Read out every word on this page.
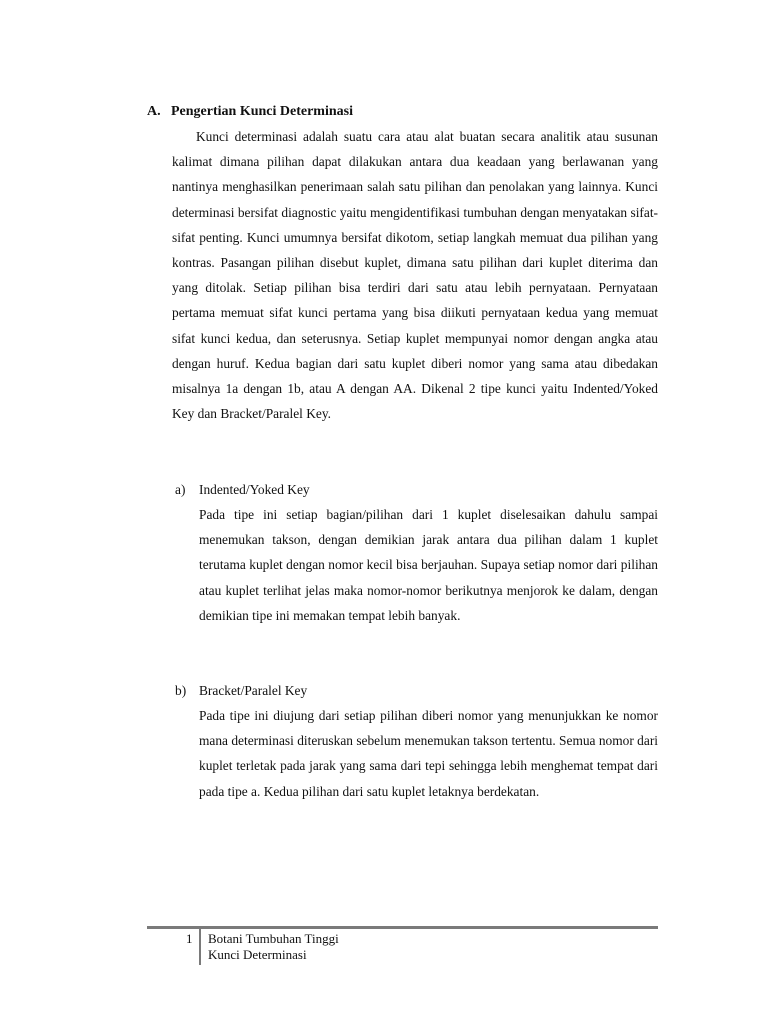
A. Pengertian Kunci Determinasi

Kunci determinasi adalah suatu cara atau alat buatan secara analitik atau susunan kalimat dimana pilihan dapat dilakukan antara dua keadaan yang berlawanan yang nantinya menghasilkan penerimaan salah satu pilihan dan penolakan yang lainnya. Kunci determinasi bersifat diagnostic yaitu mengidentifikasi tumbuhan dengan menyatakan sifat-sifat penting. Kunci umumnya bersifat dikotom, setiap langkah memuat dua pilihan yang kontras. Pasangan pilihan disebut kuplet, dimana satu pilihan dari kuplet diterima dan yang ditolak. Setiap pilihan bisa terdiri dari satu atau lebih pernyataan. Pernyataan pertama memuat sifat kunci pertama yang bisa diikuti pernyataan kedua yang memuat sifat kunci kedua, dan seterusnya. Setiap kuplet mempunyai nomor dengan angka atau dengan huruf. Kedua bagian dari satu kuplet diberi nomor yang sama atau dibedakan misalnya 1a dengan 1b, atau A dengan AA. Dikenal 2 tipe kunci yaitu Indented/Yoked Key dan Bracket/Paralel Key.

a) Indented/Yoked Key

Pada tipe ini setiap bagian/pilihan dari 1 kuplet diselesaikan dahulu sampai menemukan takson, dengan demikian jarak antara dua pilihan dalam 1 kuplet terutama kuplet dengan nomor kecil bisa berjauhan. Supaya setiap nomor dari pilihan atau kuplet terlihat jelas maka nomor-nomor berikutnya menjorok ke dalam, dengan demikian tipe ini memakan tempat lebih banyak.

b) Bracket/Paralel Key

Pada tipe ini diujung dari setiap pilihan diberi nomor yang menunjukkan ke nomor mana determinasi diteruskan sebelum menemukan takson tertentu. Semua nomor dari kuplet terletak pada jarak yang sama dari tepi sehingga lebih menghemat tempat dari pada tipe a. Kedua pilihan dari satu kuplet letaknya berdekatan.

1 Botani Tumbuhan Tinggi
Kunci Determinasi
